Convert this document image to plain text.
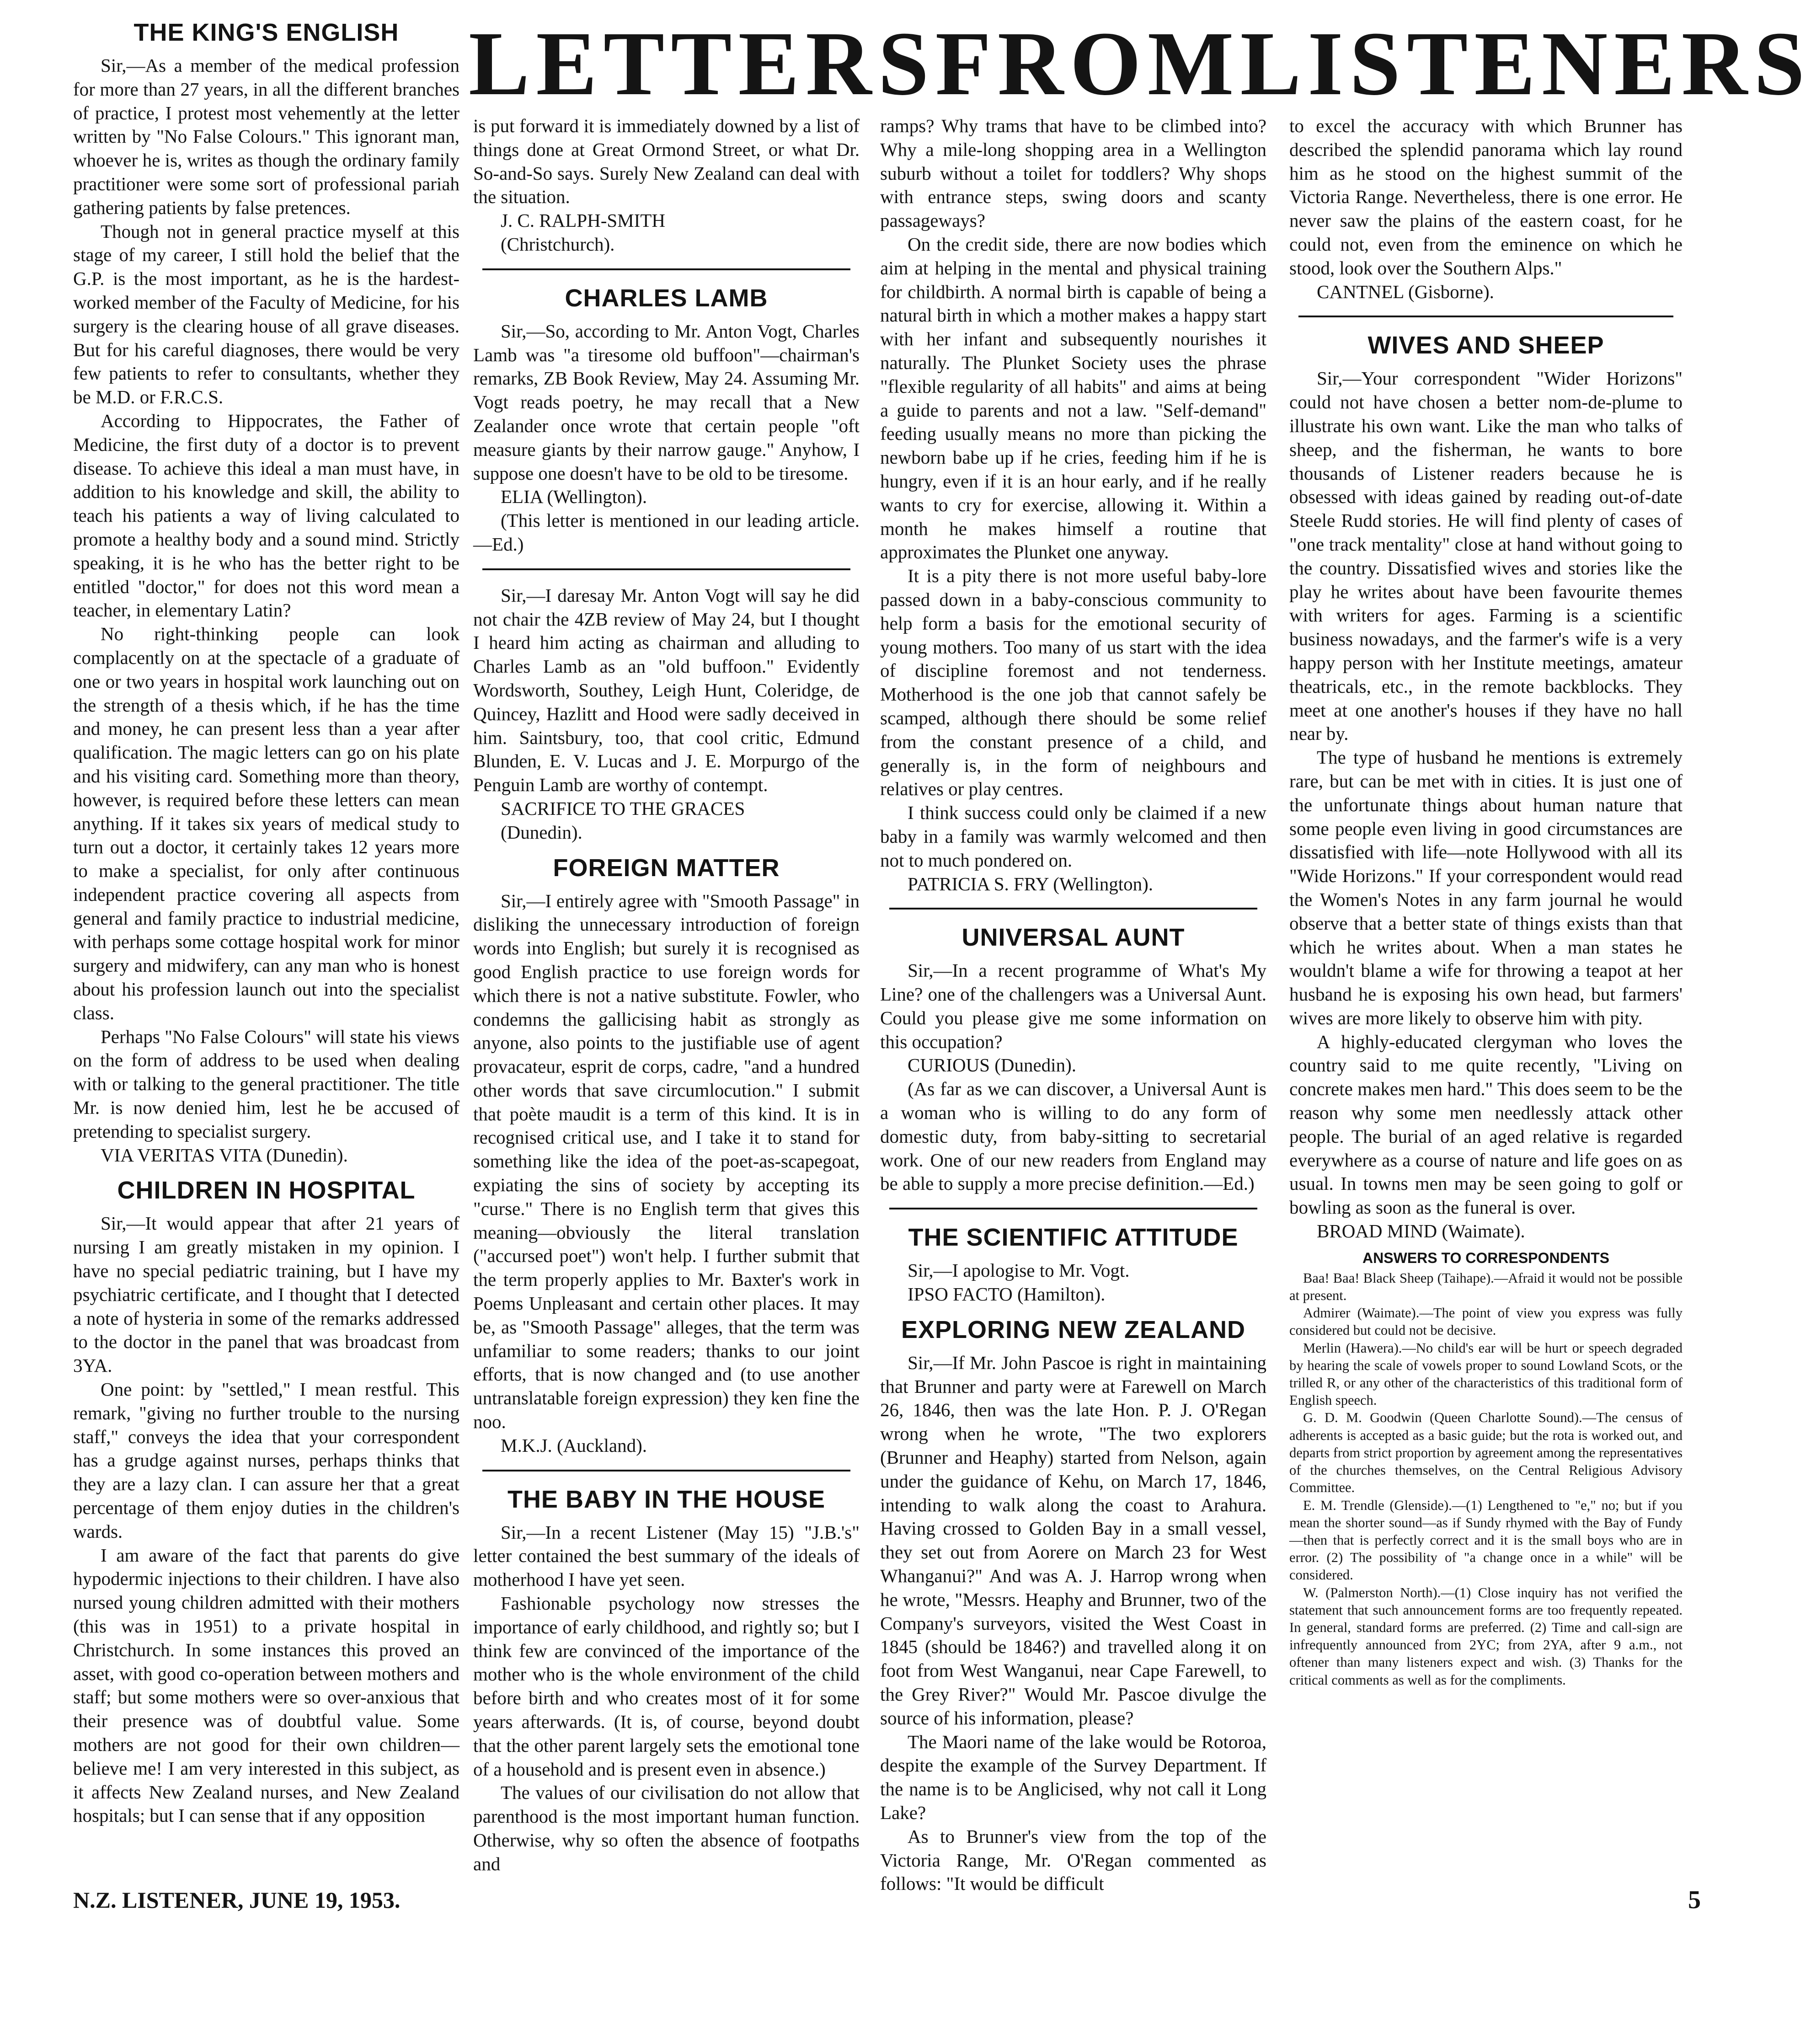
LETTERS FROM LISTENERS
THE KING'S ENGLISH

Sir,—As a member of the medical profession for more than 27 years, in all the different branches of practice, I protest most vehemently at the letter written by "No False Colours." This ignorant man, whoever he is, writes as though the ordinary family practitioner were some sort of professional pariah gathering patients by false pretences.

Though not in general practice myself at this stage of my career, I still hold the belief that the G.P. is the most important, as he is the hardest-worked member of the Faculty of Medicine, for his surgery is the clearing house of all grave diseases. But for his careful diagnoses, there would be very few patients to refer to consultants, whether they be M.D. or F.R.C.S.

According to Hippocrates, the Father of Medicine, the first duty of a doctor is to prevent disease. To achieve this ideal a man must have, in addition to his knowledge and skill, the ability to teach his patients a way of living calculated to promote a healthy body and a sound mind. Strictly speaking, it is he who has the better right to be entitled "doctor," for does not this word mean a teacher, in elementary Latin?

No right-thinking people can look complacently on at the spectacle of a graduate of one or two years in hospital work launching out on the strength of a thesis which, if he has the time and money, he can present less than a year after qualification. The magic letters can go on his plate and his visiting card. Something more than theory, however, is required before these letters can mean anything. If it takes six years of medical study to turn out a doctor, it certainly takes 12 years more to make a specialist, for only after continuous independent practice covering all aspects from general and family practice to industrial medicine, with perhaps some cottage hospital work for minor surgery and midwifery, can any man who is honest about his profession launch out into the specialist class.

Perhaps "No False Colours" will state his views on the form of address to be used when dealing with or talking to the general practitioner. The title Mr. is now denied him, lest he be accused of pretending to specialist surgery.

VIA VERITAS VITA (Dunedin).

CHILDREN IN HOSPITAL

Sir,—It would appear that after 21 years of nursing I am greatly mistaken in my opinion. I have no special pediatric training, but I have my psychiatric certificate, and I thought that I detected a note of hysteria in some of the remarks addressed to the doctor in the panel that was broadcast from 3YA.

One point: by "settled," I mean restful. This remark, "giving no further trouble to the nursing staff," conveys the idea that your correspondent has a grudge against nurses, perhaps thinks that they are a lazy clan. I can assure her that a great percentage of them enjoy duties in the children's wards.

I am aware of the fact that parents do give hypodermic injections to their children. I have also nursed young children admitted with their mothers (this was in 1951) to a private hospital in Christchurch. In some instances this proved an asset, with good co-operation between mothers and staff; but some mothers were so over-anxious that their presence was of doubtful value. Some mothers are not good for their own children—believe me! I am very interested in this subject, as it affects New Zealand nurses, and New Zealand hospitals; but I can sense that if any opposition

is put forward it is immediately downed by a list of things done at Great Ormond Street, or what Dr. So-and-So says. Surely New Zealand can deal with the situation.

J. C. RALPH-SMITH

(Christchurch).

CHARLES LAMB

Sir,—So, according to Mr. Anton Vogt, Charles Lamb was "a tiresome old buffoon"—chairman's remarks, ZB Book Review, May 24. Assuming Mr. Vogt reads poetry, he may recall that a New Zealander once wrote that certain people "oft measure giants by their narrow gauge." Anyhow, I suppose one doesn't have to be old to be tiresome.

ELIA (Wellington).

(This letter is mentioned in our leading article.—Ed.)

Sir,—I daresay Mr. Anton Vogt will say he did not chair the 4ZB review of May 24, but I thought I heard him acting as chairman and alluding to Charles Lamb as an "old buffoon." Evidently Wordsworth, Southey, Leigh Hunt, Coleridge, de Quincey, Hazlitt and Hood were sadly deceived in him. Saintsbury, too, that cool critic, Edmund Blunden, E. V. Lucas and J. E. Morpurgo of the Penguin Lamb are worthy of contempt.

SACRIFICE TO THE GRACES

(Dunedin).

FOREIGN MATTER

Sir,—I entirely agree with "Smooth Passage" in disliking the unnecessary introduction of foreign words into English; but surely it is recognised as good English practice to use foreign words for which there is not a native substitute. Fowler, who condemns the gallicising habit as strongly as anyone, also points to the justifiable use of agent provacateur, esprit de corps, cadre, "and a hundred other words that save circumlocution." I submit that poète maudit is a term of this kind. It is in recognised critical use, and I take it to stand for something like the idea of the poet-as-scapegoat, expiating the sins of society by accepting its "curse." There is no English term that gives this meaning—obviously the literal translation ("accursed poet") won't help. I further submit that the term properly applies to Mr. Baxter's work in Poems Unpleasant and certain other places. It may be, as "Smooth Passage" alleges, that the term was unfamiliar to some readers; thanks to our joint efforts, that is now changed and (to use another untranslatable foreign expression) they ken fine the noo.

M.K.J. (Auckland).

THE BABY IN THE HOUSE

Sir,—In a recent Listener (May 15) "J.B.'s" letter contained the best summary of the ideals of motherhood I have yet seen.

Fashionable psychology now stresses the importance of early childhood, and rightly so; but I think few are convinced of the importance of the mother who is the whole environment of the child before birth and who creates most of it for some years afterwards. (It is, of course, beyond doubt that the other parent largely sets the emotional tone of a household and is present even in absence.)

The values of our civilisation do not allow that parenthood is the most important human function. Otherwise, why so often the absence of footpaths and

ramps? Why trams that have to be climbed into? Why a mile-long shopping area in a Wellington suburb without a toilet for toddlers? Why shops with entrance steps, swing doors and scanty passageways?

On the credit side, there are now bodies which aim at helping in the mental and physical training for childbirth. A normal birth is capable of being a natural birth in which a mother makes a happy start with her infant and subsequently nourishes it naturally. The Plunket Society uses the phrase "flexible regularity of all habits" and aims at being a guide to parents and not a law. "Self-demand" feeding usually means no more than picking the newborn babe up if he cries, feeding him if he is hungry, even if it is an hour early, and if he really wants to cry for exercise, allowing it. Within a month he makes himself a routine that approximates the Plunket one anyway.

It is a pity there is not more useful baby-lore passed down in a baby-conscious community to help form a basis for the emotional security of young mothers. Too many of us start with the idea of discipline foremost and not tenderness. Motherhood is the one job that cannot safely be scamped, although there should be some relief from the constant presence of a child, and generally is, in the form of neighbours and relatives or play centres.

I think success could only be claimed if a new baby in a family was warmly welcomed and then not to much pondered on.

PATRICIA S. FRY (Wellington).

UNIVERSAL AUNT

Sir,—In a recent programme of What's My Line? one of the challengers was a Universal Aunt. Could you please give me some information on this occupation?

CURIOUS (Dunedin).

(As far as we can discover, a Universal Aunt is a woman who is willing to do any form of domestic duty, from baby-sitting to secretarial work. One of our new readers from England may be able to supply a more precise definition.—Ed.)

THE SCIENTIFIC ATTITUDE

Sir,—I apologise to Mr. Vogt.

IPSO FACTO (Hamilton).

EXPLORING NEW ZEALAND

Sir,—If Mr. John Pascoe is right in maintaining that Brunner and party were at Farewell on March 26, 1846, then was the late Hon. P. J. O'Regan wrong when he wrote, "The two explorers (Brunner and Heaphy) started from Nelson, again under the guidance of Kehu, on March 17, 1846, intending to walk along the coast to Arahura. Having crossed to Golden Bay in a small vessel, they set out from Aorere on March 23 for West Whanganui?" And was A. J. Harrop wrong when he wrote, "Messrs. Heaphy and Brunner, two of the Company's surveyors, visited the West Coast in 1845 (should be 1846?) and travelled along it on foot from West Wanganui, near Cape Farewell, to the Grey River?" Would Mr. Pascoe divulge the source of his information, please?

The Maori name of the lake would be Rotoroa, despite the example of the Survey Department. If the name is to be Anglicised, why not call it Long Lake?

As to Brunner's view from the top of the Victoria Range, Mr. O'Regan commented as follows: "It would be difficult

to excel the accuracy with which Brunner has described the splendid panorama which lay round him as he stood on the highest summit of the Victoria Range. Nevertheless, there is one error. He never saw the plains of the eastern coast, for he could not, even from the eminence on which he stood, look over the Southern Alps."

CANTNEL (Gisborne).

WIVES AND SHEEP

Sir,—Your correspondent "Wider Horizons" could not have chosen a better nom-de-plume to illustrate his own want. Like the man who talks of sheep, and the fisherman, he wants to bore thousands of Listener readers because he is obsessed with ideas gained by reading out-of-date Steele Rudd stories. He will find plenty of cases of "one track mentality" close at hand without going to the country. Dissatisfied wives and stories like the play he writes about have been favourite themes with writers for ages. Farming is a scientific business nowadays, and the farmer's wife is a very happy person with her Institute meetings, amateur theatricals, etc., in the remote backblocks. They meet at one another's houses if they have no hall near by.

The type of husband he mentions is extremely rare, but can be met with in cities. It is just one of the unfortunate things about human nature that some people even living in good circumstances are dissatisfied with life—note Hollywood with all its "Wide Horizons." If your correspondent would read the Women's Notes in any farm journal he would observe that a better state of things exists than that which he writes about. When a man states he wouldn't blame a wife for throwing a teapot at her husband he is exposing his own head, but farmers' wives are more likely to observe him with pity.

A highly-educated clergyman who loves the country said to me quite recently, "Living on concrete makes men hard." This does seem to be the reason why some men needlessly attack other people. The burial of an aged relative is regarded everywhere as a course of nature and life goes on as usual. In towns men may be seen going to golf or bowling as soon as the funeral is over.

BROAD MIND (Waimate).

ANSWERS TO CORRESPONDENTS

Baa! Baa! Black Sheep (Taihape).—Afraid it would not be possible at present.

Admirer (Waimate).—The point of view you express was fully considered but could not be decisive.

Merlin (Hawera).—No child's ear will be hurt or speech degraded by hearing the scale of vowels proper to sound Lowland Scots, or the trilled R, or any other of the characteristics of this traditional form of English speech.

G. D. M. Goodwin (Queen Charlotte Sound).—The census of adherents is accepted as a basic guide; but the rota is worked out, and departs from strict proportion by agreement among the representatives of the churches themselves, on the Central Religious Advisory Committee.

E. M. Trendle (Glenside).—(1) Lengthened to "e," no; but if you mean the shorter sound—as if Sundy rhymed with the Bay of Fundy—then that is perfectly correct and it is the small boys who are in error. (2) The possibility of "a change once in a while" will be considered.

W. (Palmerston North).—(1) Close inquiry has not verified the statement that such announcement forms are too frequently repeated. In general, standard forms are preferred. (2) Time and call-sign are infrequently announced from 2YC; from 2YA, after 9 a.m., not oftener than many listeners expect and wish. (3) Thanks for the critical comments as well as for the compliments.

N.Z. LISTENER, JUNE 19, 1953.	5
